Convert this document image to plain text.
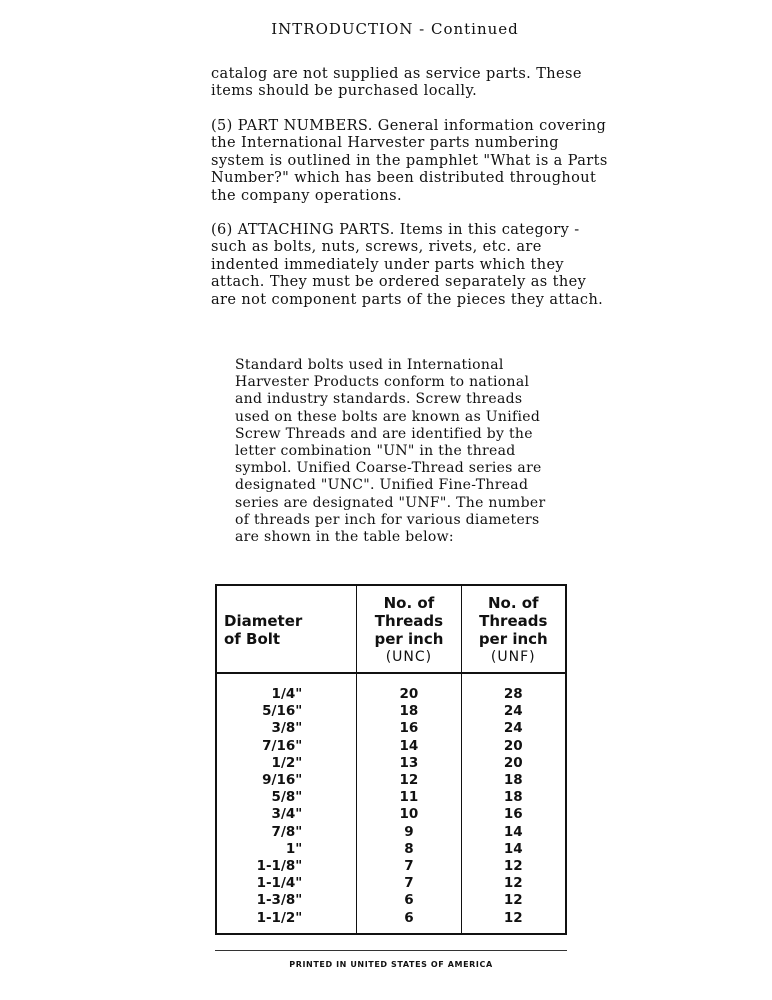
INTRODUCTION - Continued

catalog are not supplied as service parts. These items should be purchased locally.

(5) PART NUMBERS. General information covering the International Harvester parts numbering system is outlined in the pamphlet "What is a Parts Number?" which has been distributed throughout the company operations.

(6) ATTACHING PARTS. Items in this category - such as bolts, nuts, screws, rivets, etc. are indented immediately under parts which they attach. They must be ordered separately as they are not component parts of the pieces they attach.

Standard bolts used in International Harvester Products conform to national and industry standards. Screw threads used on these bolts are known as Unified Screw Threads and are identified by the letter combination "UN" in the thread symbol. Unified Coarse-Thread series are designated "UNC". Unified Fine-Thread series are designated "UNF". The number of threads per inch for various diameters are shown in the table below:

Diameter
of Bolt	No. of
Threads
per inch
(UNC)	No. of
Threads
per inch
(UNF)

1/4"	20	28
5/16"	18	24
3/8"	16	24
7/16"	14	20
1/2"	13	20
9/16"	12	18
5/8"	11	18
3/4"	10	16
7/8"	9	14
1"	8	14
1-1/8"	7	12
1-1/4"	7	12
1-3/8"	6	12
1-1/2"	6	12
PRINTED IN UNITED STATES OF AMERICA
